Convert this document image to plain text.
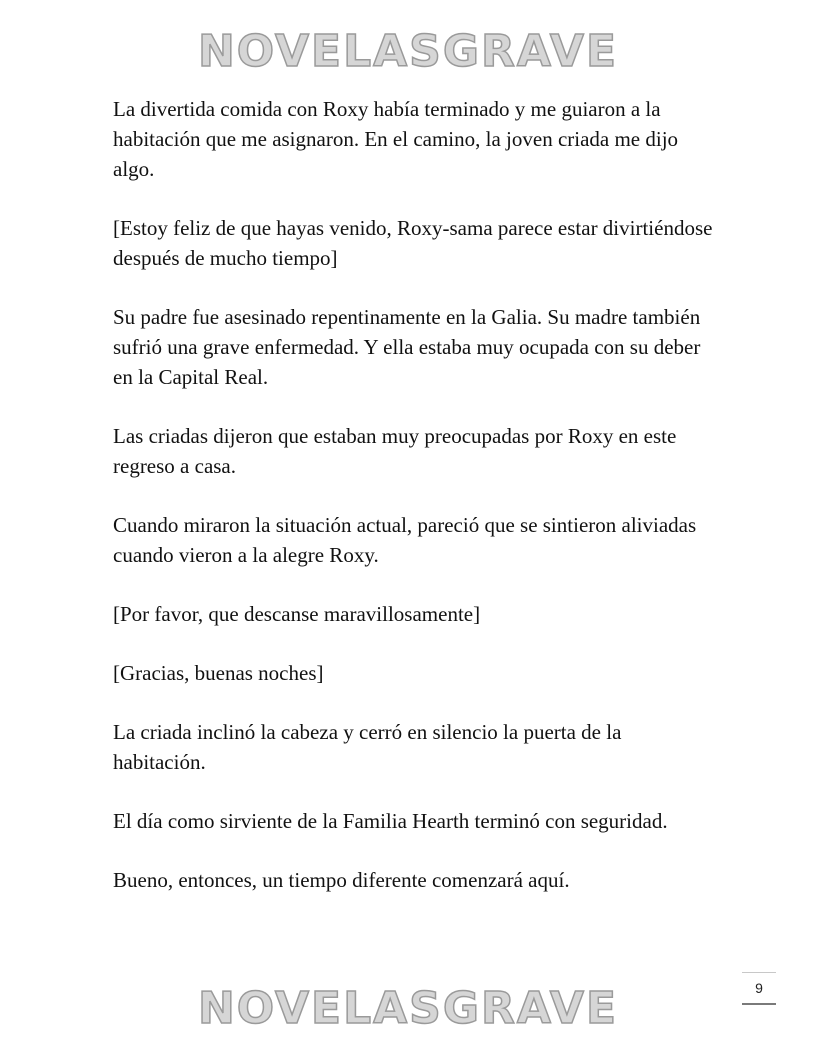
NOVELASGRAVE

La divertida comida con Roxy había terminado y me guiaron a la habitación que me asignaron. En el camino, la joven criada me dijo algo.

[Estoy feliz de que hayas venido, Roxy-sama parece estar divirtiéndose después de mucho tiempo]

Su padre fue asesinado repentinamente en la Galia. Su madre también sufrió una grave enfermedad. Y ella estaba muy ocupada con su deber en la Capital Real.

Las criadas dijeron que estaban muy preocupadas por Roxy en este regreso a casa.

Cuando miraron la situación actual, pareció que se sintieron aliviadas cuando vieron a la alegre Roxy.

[Por favor, que descanse maravillosamente]

[Gracias, buenas noches]

La criada inclinó la cabeza y cerró en silencio la puerta de la habitación.

El día como sirviente de la Familia Hearth terminó con seguridad.

Bueno, entonces, un tiempo diferente comenzará aquí.

9
NOVELASGRAVE
